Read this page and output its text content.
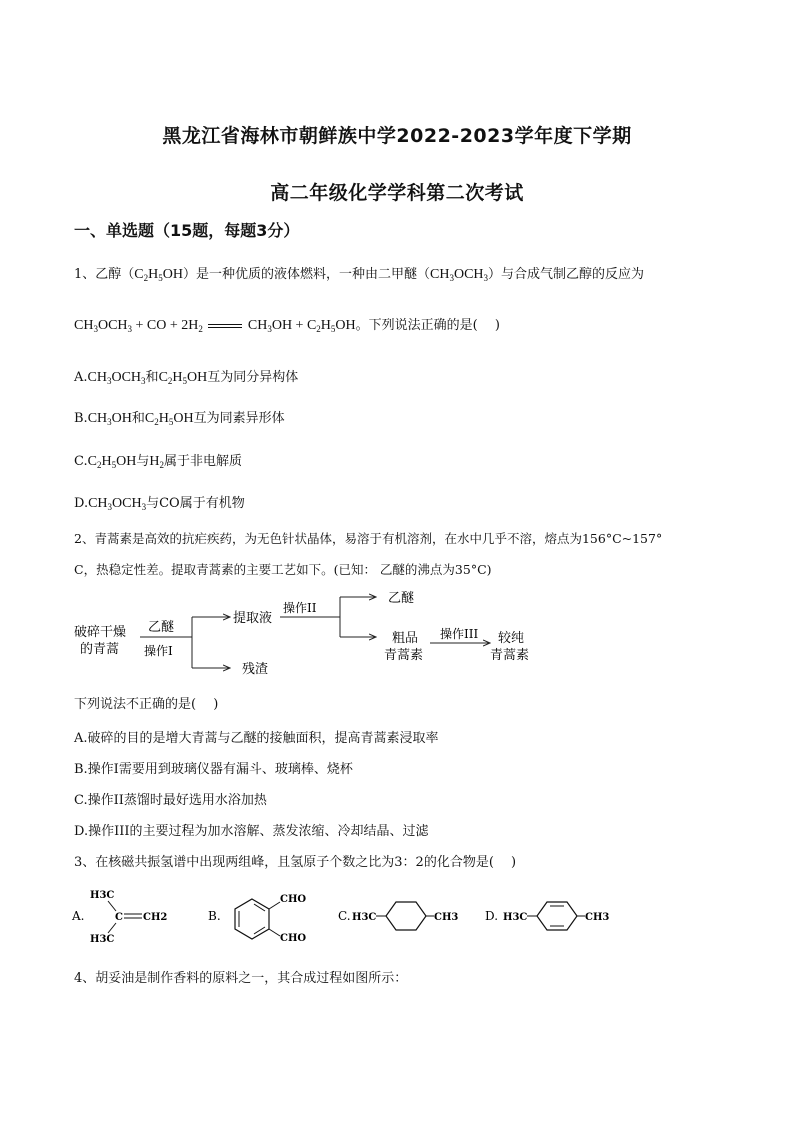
黑龙江省海林市朝鲜族中学2022-2023学年度下学期
高二年级化学学科第二次考试
一、单选题（15题，每题3分）
1、乙醇$(C_2H_5OH)$是一种优质的液体燃料，一种由二甲醚$(CH_3OCH_3)$与合成气制乙醇的反应为
$CH_3OCH_3$ + CO + $2H_2$	$CH_3OH + C_2H_5OH$。下列说法正确的是(　 )
$A.CH_3OCH_3$和$C_2H_5OH$互为同分异构体
$B.CH_3OH$和$C_2H_5OH$互为同素异形体
$C.C_2H_5OH$与$H_2$属于非电解质
$D.CH_3OCH_3$与CO属于有机物
2、青蒿素是高效的抗疟疾药，为无色针状晶体，易溶于有机溶剂，在水中几乎不溶，熔点为156°C~157°
C，热稳定性差。提取青蒿素的主要工艺如下。(已知： 乙醚的沸点为35°C)
破碎干燥
的青蒿
乙醚
操作I
提取液
残渣
操作II
乙醚
粗品
青蒿素
操作III 较纯
青蒿素
下列说法不正确的是(　 )
A.破碎的目的是增大青蒿与乙醚的接触面积，提高青蒿素浸取率
B.操作I需要用到玻璃仪器有漏斗、玻璃棒、烧杯
C.操作II蒸馏时最好选用水浴加热
D.操作III的主要过程为加水溶解、蒸发浓缩、冷却结晶、过滤
3、在核磁共振氢谱中出现两组峰，且氢原子个数之比为3：2的化合物是(　 )
A.
H3C
H3C
C CH2	B.
CHO
CHO
C. H3C	CH3 D. H3C	CH3
4、胡妥油是制作香料的原料之一，其合成过程如图所示：
